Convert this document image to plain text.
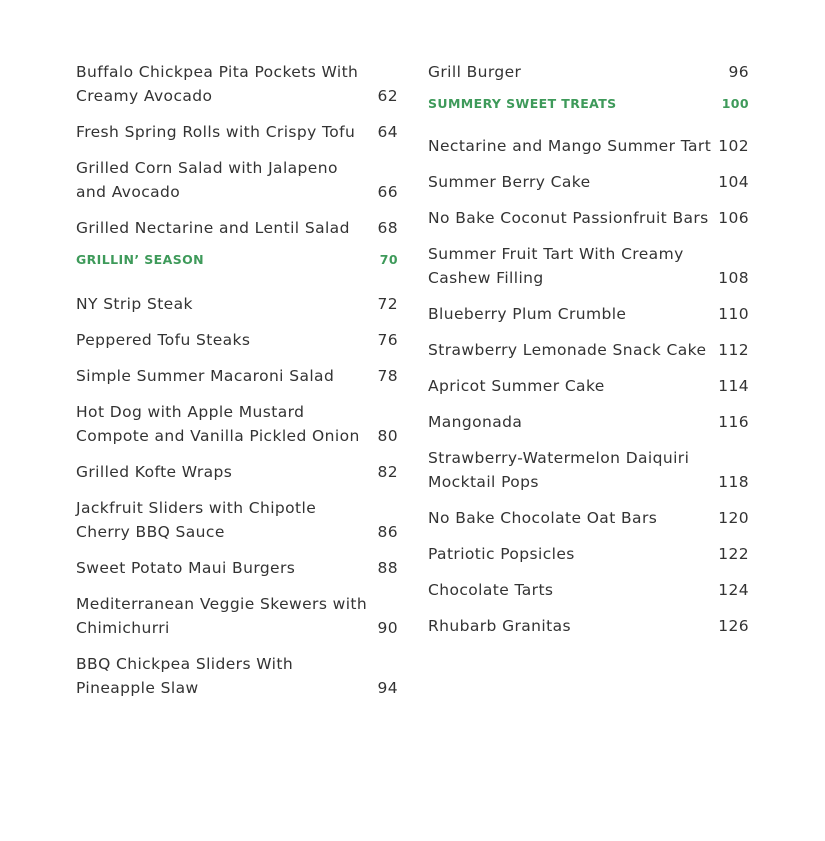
Buffalo Chickpea Pita Pockets With Creamy Avocado	62
Fresh Spring Rolls with Crispy Tofu	64
Grilled Corn Salad with Jalapeno and Avocado	66
Grilled Nectarine and Lentil Salad	68
GRILLIN’ SEASON	70
NY Strip Steak	72
Peppered Tofu Steaks	76
Simple Summer Macaroni Salad	78
Hot Dog with Apple Mustard Compote and Vanilla Pickled Onion	80
Grilled Kofte Wraps	82
Jackfruit Sliders with Chipotle Cherry BBQ Sauce	86
Sweet Potato Maui Burgers	88
Mediterranean Veggie Skewers with Chimichurri	90
BBQ Chickpea Sliders With Pineapple Slaw	94
Grill Burger	96
SUMMERY SWEET TREATS	100
Nectarine and Mango Summer Tart 102
Summer Berry Cake	104
No Bake Coconut Passionfruit Bars 106
Summer Fruit Tart With Creamy Cashew Filling	108
Blueberry Plum Crumble	110
Strawberry Lemonade Snack Cake 112
Apricot Summer Cake	114
Mangonada	116
Strawberry-Watermelon Daiquiri Mocktail Pops	118
No Bake Chocolate Oat Bars	120
Patriotic Popsicles	122
Chocolate Tarts	124
Rhubarb Granitas	126
